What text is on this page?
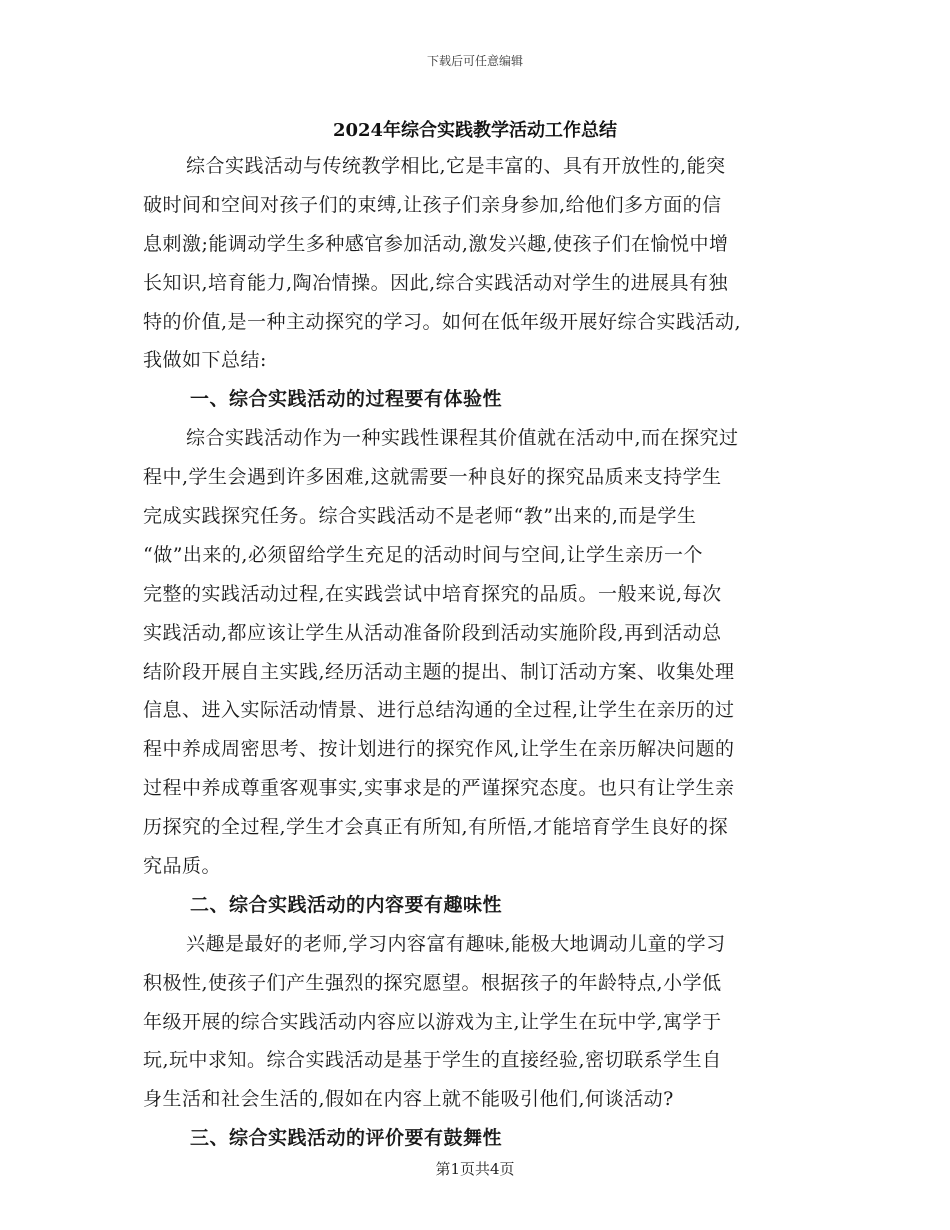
下载后可任意编辑
2024年综合实践教学活动工作总结
综合实践活动与传统教学相比,它是丰富的、具有开放性的,能突
破时间和空间对孩子们的束缚,让孩子们亲身参加,给他们多方面的信
息刺激;能调动学生多种感官参加活动,激发兴趣,使孩子们在愉悦中增
长知识,培育能力,陶冶情操。因此,综合实践活动对学生的进展具有独
特的价值,是一种主动探究的学习。如何在低年级开展好综合实践活动,
我做如下总结:
一、综合实践活动的过程要有体验性
综合实践活动作为一种实践性课程其价值就在活动中,而在探究过
程中,学生会遇到许多困难,这就需要一种良好的探究品质来支持学生
完成实践探究任务。综合实践活动不是老师“教”出来的,而是学生
“做”出来的,必须留给学生充足的活动时间与空间,让学生亲历一个
完整的实践活动过程,在实践尝试中培育探究的品质。一般来说,每次
实践活动,都应该让学生从活动准备阶段到活动实施阶段,再到活动总
结阶段开展自主实践,经历活动主题的提出、制订活动方案、收集处理
信息、进入实际活动情景、进行总结沟通的全过程,让学生在亲历的过
程中养成周密思考、按计划进行的探究作风,让学生在亲历解决问题的
过程中养成尊重客观事实,实事求是的严谨探究态度。也只有让学生亲
历探究的全过程,学生才会真正有所知,有所悟,才能培育学生良好的探
究品质。
二、综合实践活动的内容要有趣味性
兴趣是最好的老师,学习内容富有趣味,能极大地调动儿童的学习
积极性,使孩子们产生强烈的探究愿望。根据孩子的年龄特点,小学低
年级开展的综合实践活动内容应以游戏为主,让学生在玩中学,寓学于
玩,玩中求知。综合实践活动是基于学生的直接经验,密切联系学生自
身生活和社会生活的,假如在内容上就不能吸引他们,何谈活动?
三、综合实践活动的评价要有鼓舞性
第1页共4页
